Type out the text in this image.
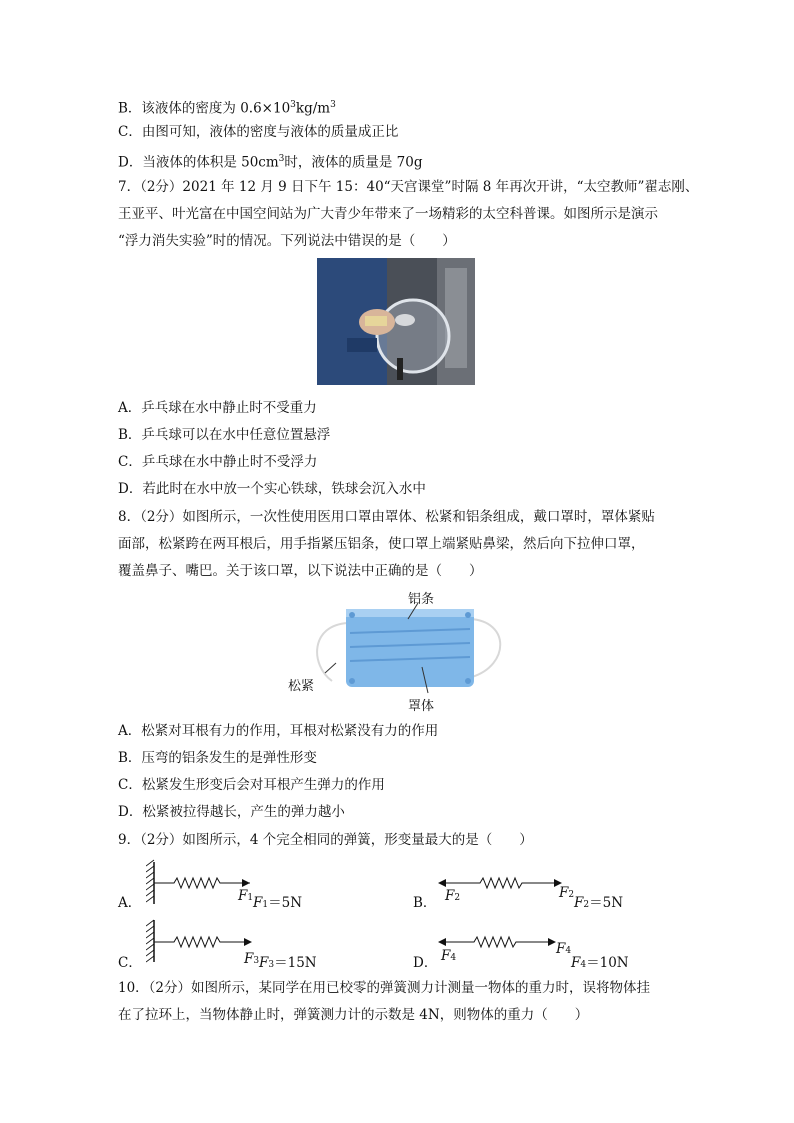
B．该液体的密度为 $0.6\times 10^3kg/m^3$
C．由图可知，液体的密度与液体的质量成正比
D．当液体的体积是 $50cm^3$时，液体的质量是 70g
7．（2分）2021 年 12 月 9 日下午 15：40“天宫课堂”时隔 8 年再次开讲，“太空教师”翟志刚、
王亚平、叶光富在中国空间站为广大青少年带来了一场精彩的太空科普课。如图所示是演示
“浮力消失实验”时的情况。下列说法中错误的是（　　）
A．乒乓球在水中静止时不受重力
B．乒乓球可以在水中任意位置悬浮
C．乒乓球在水中静止时不受浮力
D．若此时在水中放一个实心铁球，铁球会沉入水中
8．（2分）如图所示，一次性使用医用口罩由罩体、松紧和铝条组成，戴口罩时，罩体紧贴
面部，松紧跨在两耳根后，用手指紧压铝条，使口罩上端紧贴鼻梁，然后向下拉伸口罩，
覆盖鼻子、嘴巴。关于该口罩，以下说法中正确的是（　　）
铝条
松紧
罩体
A．松紧对耳根有力的作用，耳根对松紧没有力的作用
B．压弯的铝条发生的是弹性形变
C．松紧发生形变后会对耳根产生弹力的作用
D．松紧被拉得越长，产生的弹力越小
9．（2分）如图所示，4 个完全相同的弹簧，形变量最大的是（　　）
A．	F1 F1＝5N	B． F2	F2 F2＝5N
C．	F3 F3＝15N	D． F4
F4
F4＝10N
10．（2分）如图所示，某同学在用已校零的弹簧测力计测量一物体的重力时，误将物体挂
在了拉环上，当物体静止时，弹簧测力计的示数是 4N，则物体的重力（　　）
